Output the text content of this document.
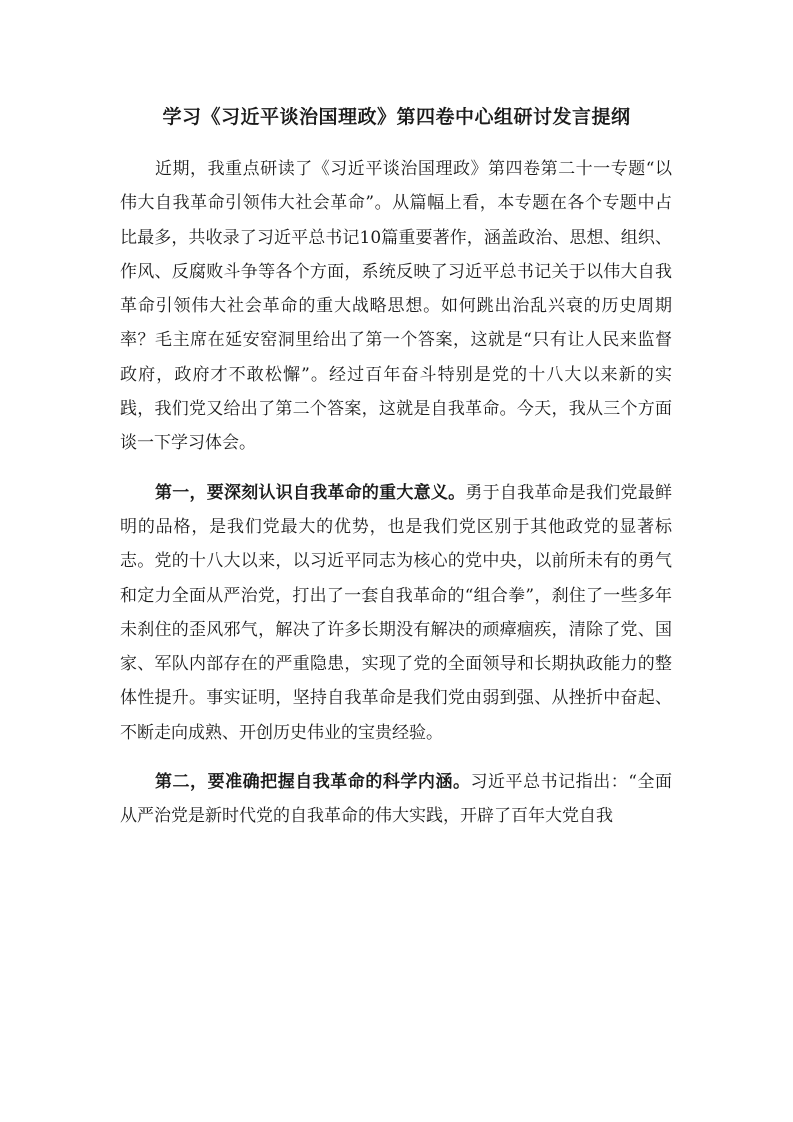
学习《习近平谈治国理政》第四卷中心组研讨发言提纲

近期，我重点研读了《习近平谈治国理政》第四卷第二十一专题“以伟大自我革命引领伟大社会革命”。从篇幅上看，本专题在各个专题中占比最多，共收录了习近平总书记10篇重要著作，涵盖政治、思想、组织、作风、反腐败斗争等各个方面，系统反映了习近平总书记关于以伟大自我革命引领伟大社会革命的重大战略思想。如何跳出治乱兴衰的历史周期率？毛主席在延安窑洞里给出了第一个答案，这就是“只有让人民来监督政府，政府才不敢松懈”。经过百年奋斗特别是党的十八大以来新的实践，我们党又给出了第二个答案，这就是自我革命。今天，我从三个方面谈一下学习体会。

第一，要深刻认识自我革命的重大意义。勇于自我革命是我们党最鲜明的品格，是我们党最大的优势，也是我们党区别于其他政党的显著标志。党的十八大以来，以习近平同志为核心的党中央，以前所未有的勇气和定力全面从严治党，打出了一套自我革命的“组合拳”，刹住了一些多年未刹住的歪风邪气，解决了许多长期没有解决的顽瘴痼疾，清除了党、国家、军队内部存在的严重隐患，实现了党的全面领导和长期执政能力的整体性提升。事实证明，坚持自我革命是我们党由弱到强、从挫折中奋起、不断走向成熟、开创历史伟业的宝贵经验。

第二，要准确把握自我革命的科学内涵。习近平总书记指出：“全面从严治党是新时代党的自我革命的伟大实践，开辟了百年大党自我
